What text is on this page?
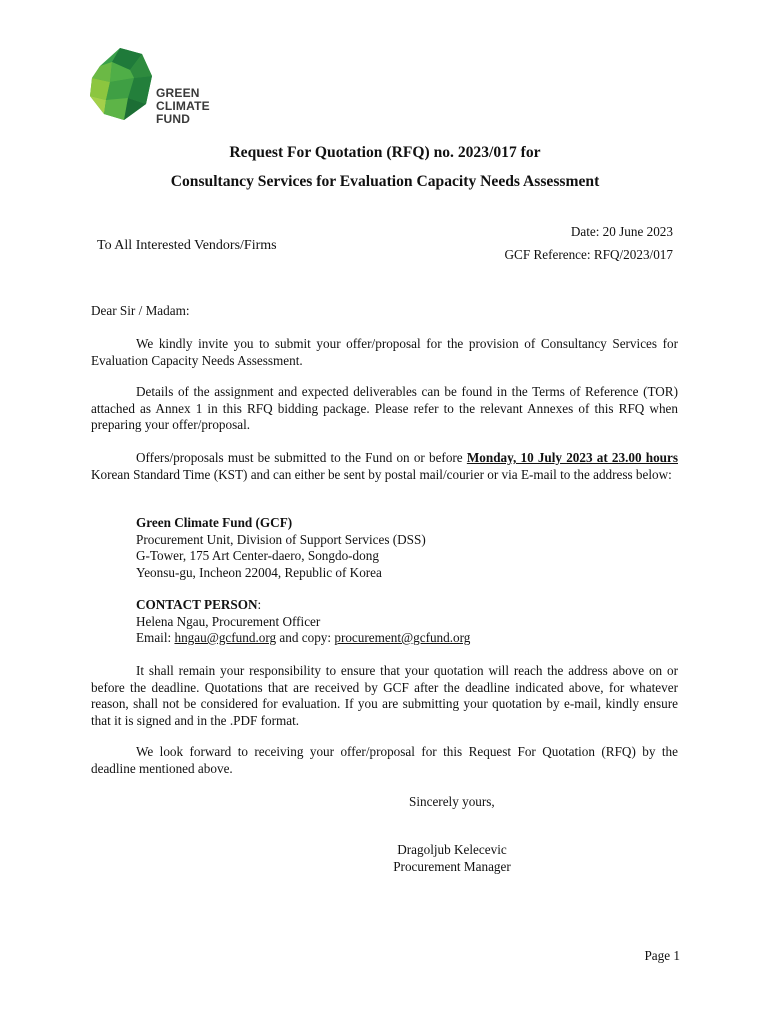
GREEN
CLIMATE
FUND
Request For Quotation (RFQ) no. 2023/017 for
Consultancy Services for Evaluation Capacity Needs Assessment
To All Interested Vendors/Firms
Date: 20 June 2023
GCF Reference: RFQ/2023/017
Dear Sir / Madam:
We kindly invite you to submit your offer/proposal for the provision of Consultancy Services for Evaluation Capacity Needs Assessment.
Details of the assignment and expected deliverables can be found in the Terms of Reference (TOR) attached as Annex 1 in this RFQ bidding package. Please refer to the relevant Annexes of this RFQ when preparing your offer/proposal.
Offers/proposals must be submitted to the Fund on or before Monday, 10 July 2023 at 23.00 hours Korean Standard Time (KST) and can either be sent by postal mail/courier or via E-mail to the address below:
Green Climate Fund (GCF)
Procurement Unit, Division of Support Services (DSS)
G-Tower, 175 Art Center-daero, Songdo-dong
Yeonsu-gu, Incheon 22004, Republic of Korea
CONTACT PERSON:
Helena Ngau, Procurement Officer
Email: hngau@gcfund.org and copy: procurement@gcfund.org
It shall remain your responsibility to ensure that your quotation will reach the address above on or before the deadline. Quotations that are received by GCF after the deadline indicated above, for whatever reason, shall not be considered for evaluation. If you are submitting your quotation by e-mail, kindly ensure that it is signed and in the .PDF format.
We look forward to receiving your offer/proposal for this Request For Quotation (RFQ) by the deadline mentioned above.
Sincerely yours,
Dragoljub Kelecevic
Procurement Manager
Page 1
